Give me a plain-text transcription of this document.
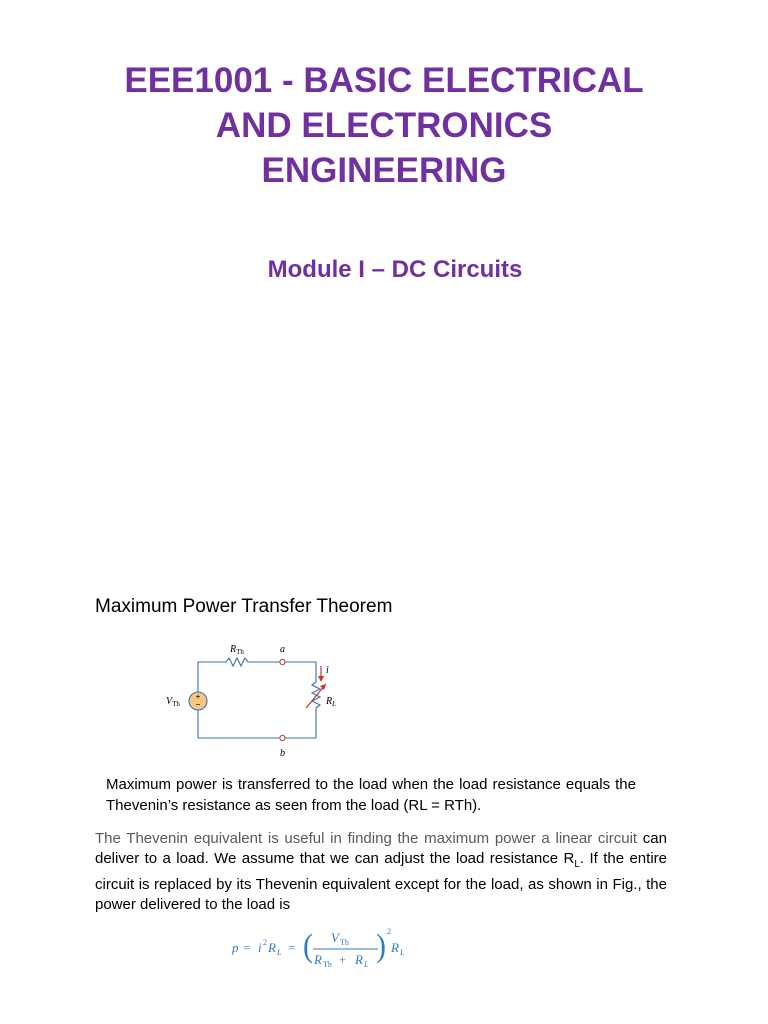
EEE1001 - BASIC ELECTRICAL
AND ELECTRONICS
ENGINEERING
Module I – DC Circuits
Maximum Power Transfer Theorem
+
−
$R_{Th}$	a
i
$V_{Th}$	$R_L$
b
Maximum power is transferred to the load when the load resistance equals the Thevenin’s resistance as seen from the load (RL = RTh).
The Thevenin equivalent is useful in finding the maximum power a linear circuit can deliver to a load. We assume that we can adjust the load resistance $R_L$. If the entire circuit is replaced by its Thevenin equivalent except for the load, as shown in Fig., the power delivered to the load is
p = i 2 R L = ( V Th
R Th + R L
) 2
R L
